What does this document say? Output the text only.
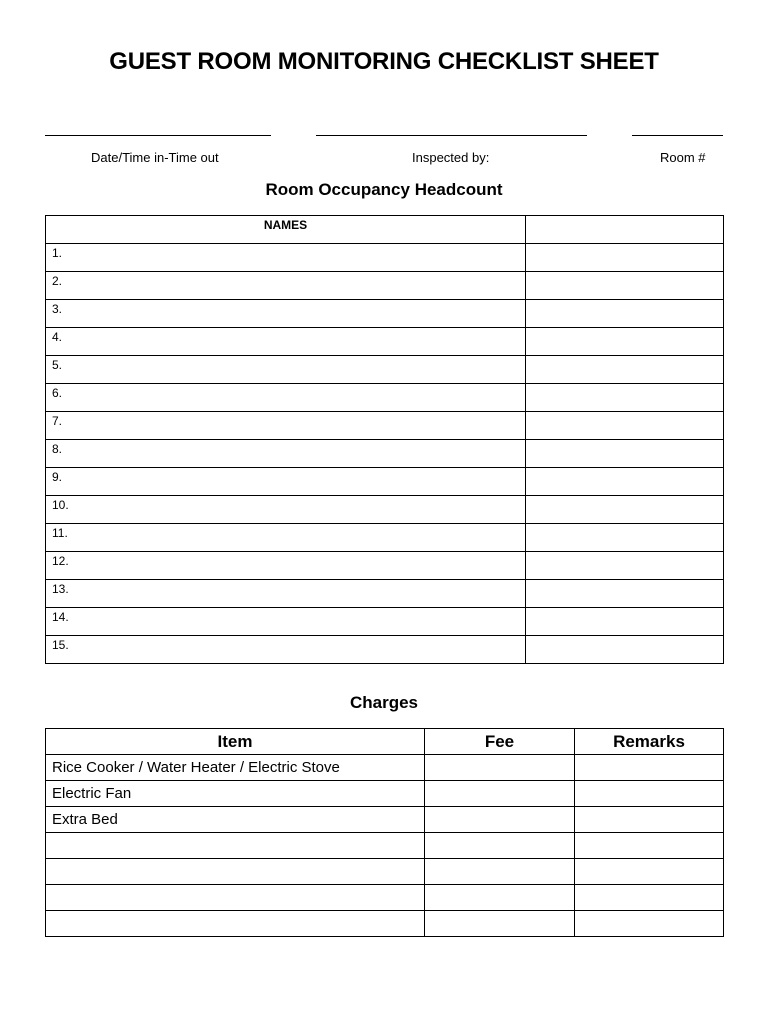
GUEST ROOM MONITORING CHECKLIST SHEET
Date/Time in-Time out	Inspected by:	Room #
Room Occupancy Headcount
NAMES	
1.	
2.	
3.	
4.	
5.	
6.	
7.	
8.	
9.	
10.	
11.	
12.	
13.	
14.	
15.	
Charges
Item	Fee	Remarks
Rice Cooker / Water Heater / Electric Stove		
Electric Fan		
Extra Bed		
